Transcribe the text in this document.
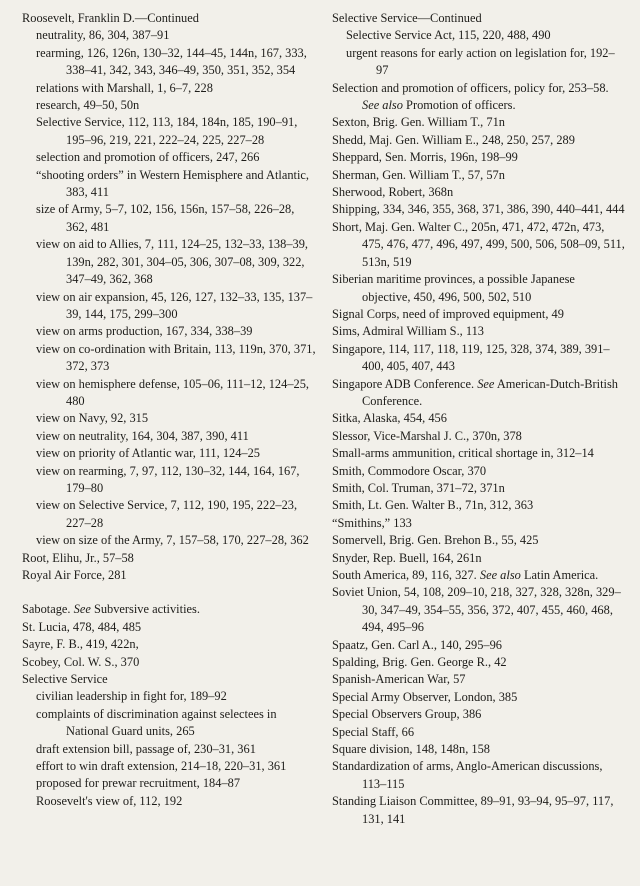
Roosevelt, Franklin D.—Continued
neutrality, 86, 304, 387–91
rearming, 126, 126n, 130–32, 144–45, 144n, 167, 333, 338–41, 342, 343, 346–49, 350, 351, 352, 354
relations with Marshall, 1, 6–7, 228
research, 49–50, 50n
Selective Service, 112, 113, 184, 184n, 185, 190–91, 195–96, 219, 221, 222–24, 225, 227–28
selection and promotion of officers, 247, 266
“shooting orders” in Western Hemisphere and Atlantic, 383, 411
size of Army, 5–7, 102, 156, 156n, 157–58, 226–28, 362, 481
view on aid to Allies, 7, 111, 124–25, 132–33, 138–39, 139n, 282, 301, 304–05, 306, 307–08, 309, 322, 347–49, 362, 368
view on air expansion, 45, 126, 127, 132–33, 135, 137–39, 144, 175, 299–300
view on arms production, 167, 334, 338–39
view on co-ordination with Britain, 113, 119n, 370, 371, 372, 373
view on hemisphere defense, 105–06, 111–12, 124–25, 480
view on Navy, 92, 315
view on neutrality, 164, 304, 387, 390, 411
view on priority of Atlantic war, 111, 124–25
view on rearming, 7, 97, 112, 130–32, 144, 164, 167, 179–80
view on Selective Service, 7, 112, 190, 195, 222–23, 227–28
view on size of the Army, 7, 157–58, 170, 227–28, 362
Root, Elihu, Jr., 57–58
Royal Air Force, 281
Sabotage. See Subversive activities.
St. Lucia, 478, 484, 485
Sayre, F. B., 419, 422n,
Scobey, Col. W. S., 370
Selective Service
civilian leadership in fight for, 189–92
complaints of discrimination against selectees in National Guard units, 265
draft extension bill, passage of, 230–31, 361
effort to win draft extension, 214–18, 220–31, 361
proposed for prewar recruitment, 184–87
Roosevelt's view of, 112, 192
Selective Service—Continued
Selective Service Act, 115, 220, 488, 490
urgent reasons for early action on legislation for, 192–97
Selection and promotion of officers, policy for, 253–58. See also Promotion of officers.
Sexton, Brig. Gen. William T., 71n
Shedd, Maj. Gen. William E., 248, 250, 257, 289
Sheppard, Sen. Morris, 196n, 198–99
Sherman, Gen. William T., 57, 57n
Sherwood, Robert, 368n
Shipping, 334, 346, 355, 368, 371, 386, 390, 440–441, 444
Short, Maj. Gen. Walter C., 205n, 471, 472, 472n, 473, 475, 476, 477, 496, 497, 499, 500, 506, 508–09, 511, 513n, 519
Siberian maritime provinces, a possible Japanese objective, 450, 496, 500, 502, 510
Signal Corps, need of improved equipment, 49
Sims, Admiral William S., 113
Singapore, 114, 117, 118, 119, 125, 328, 374, 389, 391–400, 405, 407, 443
Singapore ADB Conference. See American-Dutch-British Conference.
Sitka, Alaska, 454, 456
Slessor, Vice-Marshal J. C., 370n, 378
Small-arms ammunition, critical shortage in, 312–14
Smith, Commodore Oscar, 370
Smith, Col. Truman, 371–72, 371n
Smith, Lt. Gen. Walter B., 71n, 312, 363
“Smithins,” 133
Somervell, Brig. Gen. Brehon B., 55, 425
Snyder, Rep. Buell, 164, 261n
South America, 89, 116, 327. See also Latin America.
Soviet Union, 54, 108, 209–10, 218, 327, 328, 328n, 329–30, 347–49, 354–55, 356, 372, 407, 455, 460, 468, 494, 495–96
Spaatz, Gen. Carl A., 140, 295–96
Spalding, Brig. Gen. George R., 42
Spanish-American War, 57
Special Army Observer, London, 385
Special Observers Group, 386
Special Staff, 66
Square division, 148, 148n, 158
Standardization of arms, Anglo-American discussions, 113–115
Standing Liaison Committee, 89–91, 93–94, 95–97, 117, 131, 141
